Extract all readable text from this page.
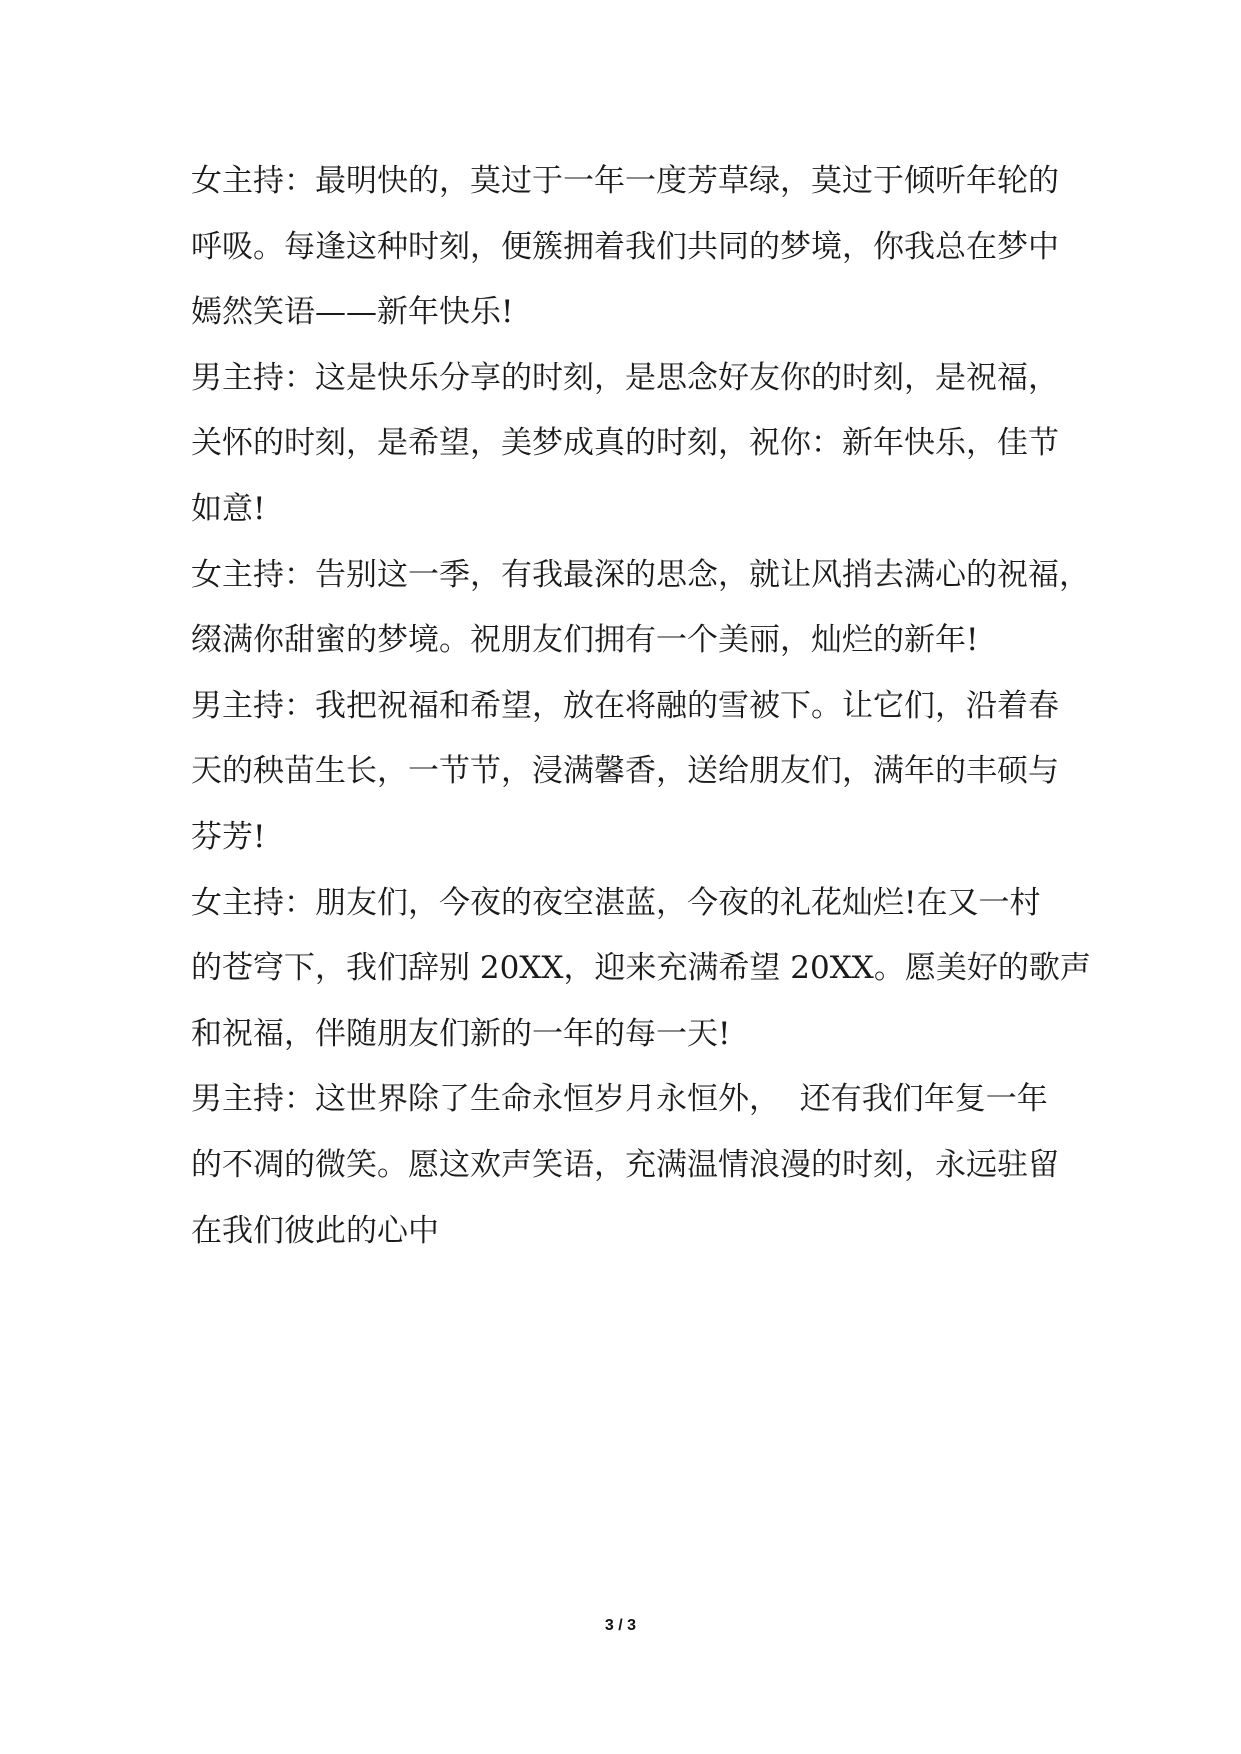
女主持：最明快的，莫过于一年一度芳草绿，莫过于倾听年轮的
呼吸。每逢这种时刻，便簇拥着我们共同的梦境，你我总在梦中
嫣然笑语——新年快乐!
男主持：这是快乐分享的时刻，是思念好友你的时刻，是祝福，
关怀的时刻，是希望，美梦成真的时刻，祝你：新年快乐，佳节
如意!
女主持：告别这一季，有我最深的思念，就让风捎去满心的祝福，
缀满你甜蜜的梦境。祝朋友们拥有一个美丽，灿烂的新年!
男主持：我把祝福和希望，放在将融的雪被下。让它们，沿着春
天的秧苗生长，一节节，浸满馨香，送给朋友们，满年的丰硕与
芬芳!
女主持：朋友们，今夜的夜空湛蓝，今夜的礼花灿烂!在又一村
的苍穹下，我们辞别 20XX，迎来充满希望 20XX。愿美好的歌声
和祝福，伴随朋友们新的一年的每一天!
男主持：这世界除了生命永恒岁月永恒外，  还有我们年复一年
的不凋的微笑。愿这欢声笑语，充满温情浪漫的时刻，永远驻留
在我们彼此的心中
3 / 3
